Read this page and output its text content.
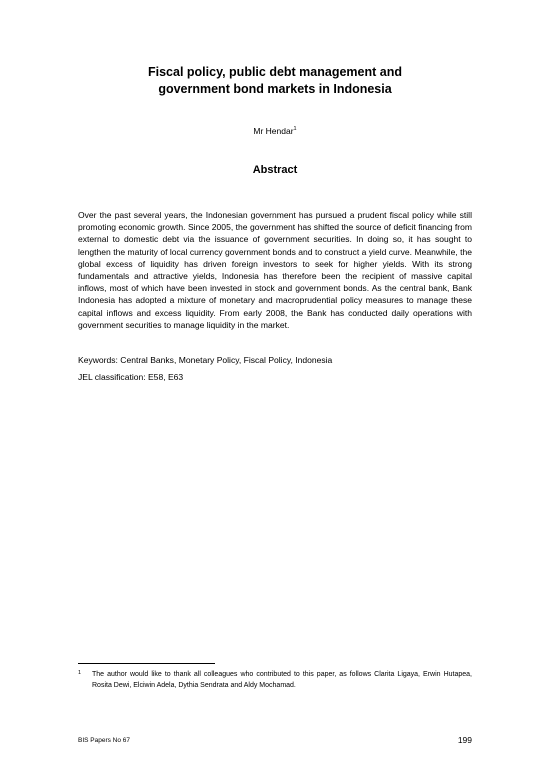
Fiscal policy, public debt management and
government bond markets in Indonesia
Mr Hendar$^1$
Abstract
Over the past several years, the Indonesian government has pursued a prudent fiscal policy while still promoting economic growth. Since 2005, the government has shifted the source of deficit financing from external to domestic debt via the issuance of government securities. In doing so, it has sought to lengthen the maturity of local currency government bonds and to construct a yield curve. Meanwhile, the global excess of liquidity has driven foreign investors to seek for higher yields. With its strong fundamentals and attractive yields, Indonesia has therefore been the recipient of massive capital inflows, most of which have been invested in stock and government bonds. As the central bank, Bank Indonesia has adopted a mixture of monetary and macroprudential policy measures to manage these capital inflows and excess liquidity. From early 2008, the Bank has conducted daily operations with government securities to manage liquidity in the market.
Keywords: Central Banks, Monetary Policy, Fiscal Policy, Indonesia
JEL classification: E58, E63
1 The author would like to thank all colleagues who contributed to this paper, as follows Clarita Ligaya, Erwin Hutapea, Rosita Dewi, Elciwin Adela, Dythia Sendrata and Aldy Mochamad.
BIS Papers No 67	199
